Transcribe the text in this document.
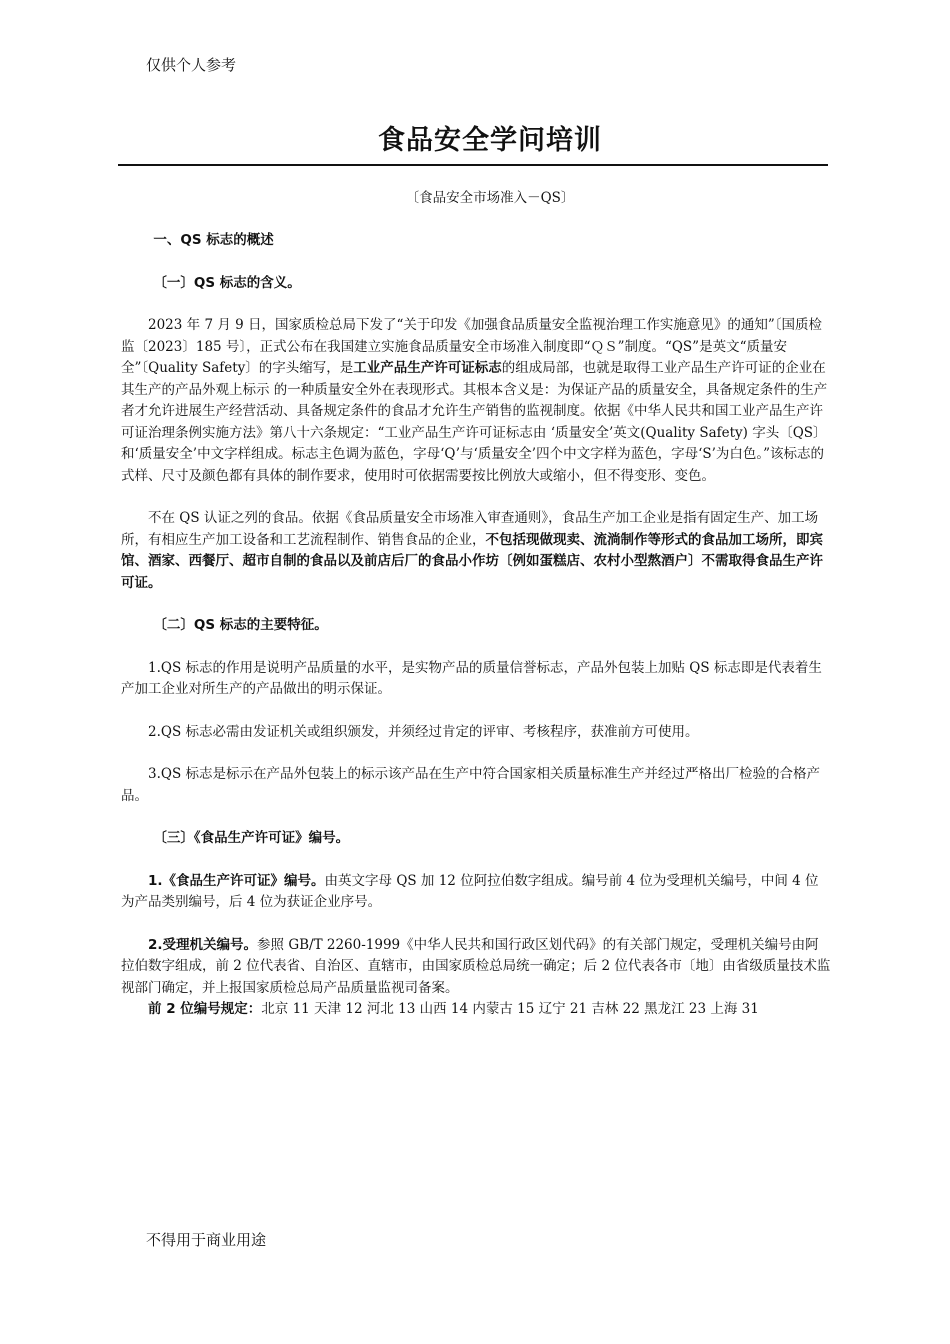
仅供个人参考
食品安全学问培训
〔食品安全市场准入－QS〕
一、QS 标志的概述
〔一〕QS 标志的含义。

2023 年 7 月 9 日，国家质检总局下发了“关于印发《加强食品质量安全监视治理工作实施意见》的通知”〔国质检监〔2023〕185 号〕，正式公布在我国建立实施食品质量安全市场准入制度即“ＱＳ”制度。“QS”是英文“质量安全”〔Quality Safety〕的字头缩写，是工业产品生产许可证标志的组成局部，也就是取得工业产品生产许可证的企业在其生产的产品外观上标示 的一种质量安全外在表现形式。其根本含义是：为保证产品的质量安全，具备规定条件的生产者才允许进展生产经营活动、具备规定条件的食品才允许生产销售的监视制度。依据《中华人民共和国工业产品生产许可证治理条例实施方法》第八十六条规定：“工业产品生产许可证标志由 ‘质量安全’英文(Quality Safety) 字头〔QS〕和‘质量安全’中文字样组成。标志主色调为蓝色，字母‘Q’与‘质量安全’四个中文字样为蓝色，字母‘S’为白色。”该标志的式样、尺寸及颜色都有具体的制作要求，使用时可依据需要按比例放大或缩小，但不得变形、变色。

不在 QS 认证之列的食品。依据《食品质量安全市场准入审查通则》，食品生产加工企业是指有固定生产、加工场所，有相应生产加工设备和工艺流程制作、销售食品的企业，不包括现做现卖、流淌制作等形式的食品加工场所，即宾馆、酒家、西餐厅、超市自制的食品以及前店后厂的食品小作坊〔例如蛋糕店、农村小型熬酒户〕不需取得食品生产许可证。

〔二〕QS 标志的主要特征。

1.QS 标志的作用是说明产品质量的水平，是实物产品的质量信誉标志，产品外包装上加贴 QS 标志即是代表着生产加工企业对所生产的产品做出的明示保证。

2.QS 标志必需由发证机关或组织颁发，并须经过肯定的评审、考核程序，获准前方可使用。

3.QS 标志是标示在产品外包装上的标示该产品在生产中符合国家相关质量标准生产并经过严格出厂检验的合格产品。

〔三〕《食品生产许可证》编号。

1.《食品生产许可证》编号。由英文字母 QS 加 12 位阿拉伯数字组成。编号前 4 位为受理机关编号，中间 4 位为产品类别编号，后 4 位为获证企业序号。

2.受理机关编号。参照 GB/T 2260-1999《中华人民共和国行政区划代码》的有关部门规定，受理机关编号由阿拉伯数字组成，前 2 位代表省、自治区、直辖市，由国家质检总局统一确定；后 2 位代表各市〔地〕由省级质量技术监视部门确定，并上报国家质检总局产品质量监视司备案。

前 2 位编号规定：北京 11 天津 12 河北 13 山西 14 内蒙古 15 辽宁 21 吉林 22 黑龙江 23 上海 31

不得用于商业用途
